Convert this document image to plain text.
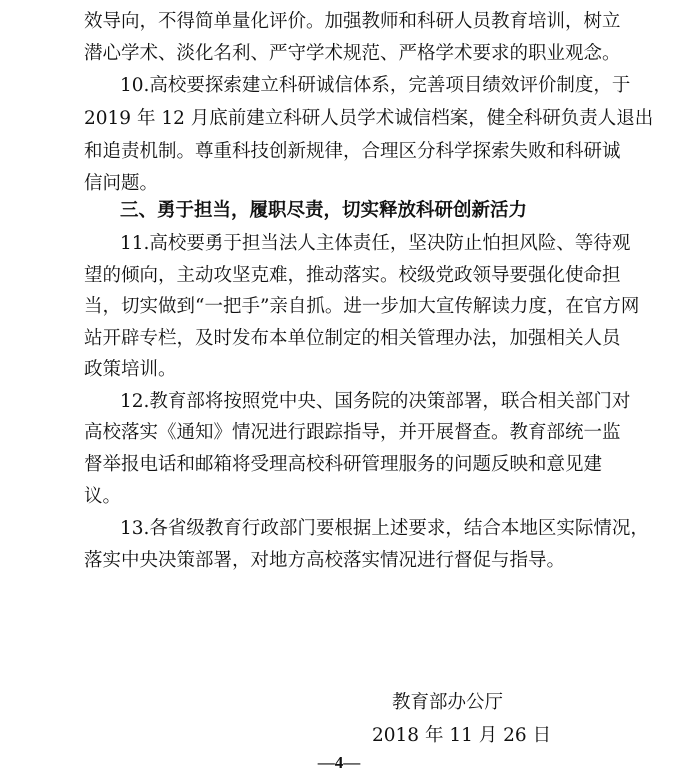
效导向，不得简单量化评价。加强教师和科研人员教育培训，树立
潜心学术、淡化名利、严守学术规范、严格学术要求的职业观念。
10.高校要探索建立科研诚信体系，完善项目绩效评价制度，于
2019 年 12 月底前建立科研人员学术诚信档案，健全科研负责人退出
和追责机制。尊重科技创新规律，合理区分科学探索失败和科研诚
信问题。
三、勇于担当，履职尽责，切实释放科研创新活力
11.高校要勇于担当法人主体责任，坚决防止怕担风险、等待观
望的倾向，主动攻坚克难，推动落实。校级党政领导要强化使命担
当，切实做到“一把手”亲自抓。进一步加大宣传解读力度，在官方网
站开辟专栏，及时发布本单位制定的相关管理办法，加强相关人员
政策培训。
12.教育部将按照党中央、国务院的决策部署，联合相关部门对
高校落实《通知》情况进行跟踪指导，并开展督查。教育部统一监
督举报电话和邮箱将受理高校科研管理服务的问题反映和意见建
议。
13.各省级教育行政部门要根据上述要求，结合本地区实际情况，
落实中央决策部署，对地方高校落实情况进行督促与指导。
教育部办公厅
2018 年 11 月 26 日
—4—
